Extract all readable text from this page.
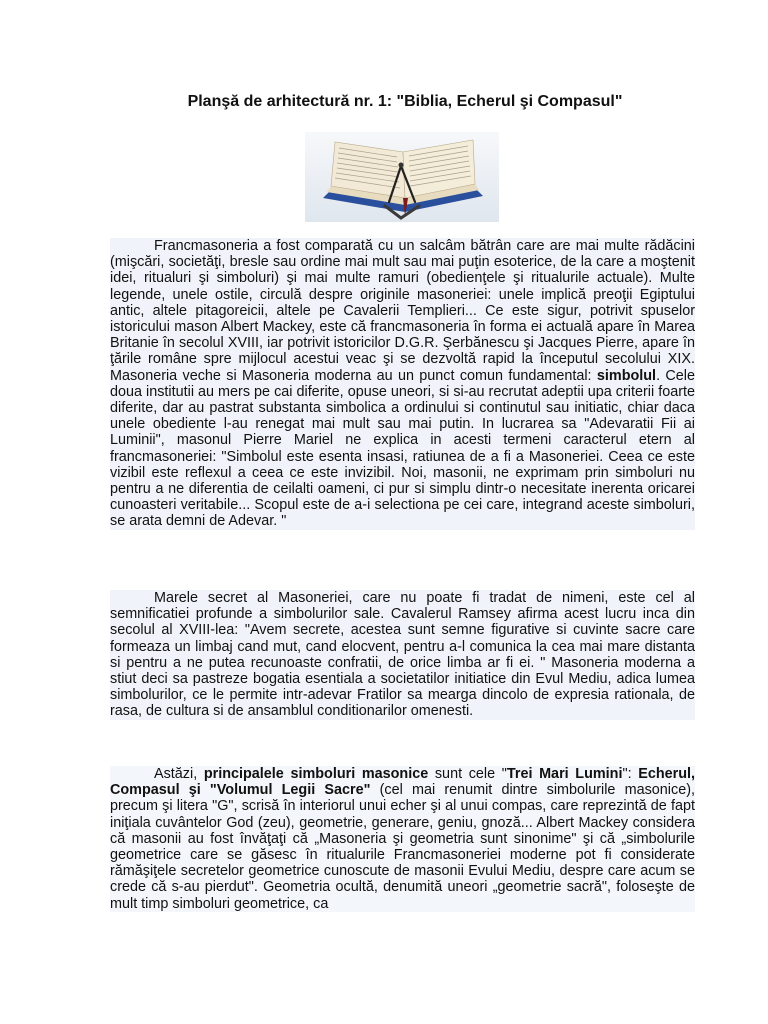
Planşă de arhitectură nr. 1: "Biblia, Echerul şi Compasul"

Francmasoneria a fost comparată cu un salcâm bătrân care are mai multe rădăcini (mişcări, societăţi, bresle sau ordine mai mult sau mai puţin esoterice, de la care a moştenit idei, ritualuri şi simboluri) şi mai multe ramuri (obedienţele şi ritualurile actuale). Multe legende, unele ostile, circulă despre originile masoneriei: unele implică preoţii Egiptului antic, altele pitagoreicii, altele pe Cavalerii Templieri... Ce este sigur, potrivit spuselor istoricului mason Albert Mackey, este că francmasoneria în forma ei actuală apare în Marea Britanie în secolul XVIII, iar potrivit istoricilor D.G.R. Şerbănescu şi Jacques Pierre, apare în ţările române spre mijlocul acestui veac şi se dezvoltă rapid la începutul secolului XIX. Masoneria veche si Masoneria moderna au un punct comun fundamental: simbolul. Cele doua institutii au mers pe cai diferite, opuse uneori, si si-au recrutat adeptii upa criterii foarte diferite, dar au pastrat substanta simbolica a ordinului si continutul sau initiatic, chiar daca unele obediente l-au renegat mai mult sau mai putin. In lucrarea sa "Adevaratii Fii ai Luminii", masonul Pierre Mariel ne explica in acesti termeni caracterul etern al francmasoneriei: "Simbolul este esenta insasi, ratiunea de a fi a Masoneriei. Ceea ce este vizibil este reflexul a ceea ce este invizibil. Noi, masonii, ne exprimam prin simboluri nu pentru a ne diferentia de ceilalti oameni, ci pur si simplu dintr-o necesitate inerenta oricarei cunoasteri veritabile... Scopul este de a-i selectiona pe cei care, integrand aceste simboluri, se arata demni de Adevar. "

Marele secret al Masoneriei, care nu poate fi tradat de nimeni, este cel al semnificatiei profunde a simbolurilor sale. Cavalerul Ramsey afirma acest lucru inca din secolul al XVIII-lea: "Avem secrete, acestea sunt semne figurative si cuvinte sacre care formeaza un limbaj cand mut, cand elocvent, pentru a-l comunica la cea mai mare distanta si pentru a ne putea recunoaste confratii, de orice limba ar fi ei. " Masoneria moderna a stiut deci sa pastreze bogatia esentiala a societatilor initiatice din Evul Mediu, adica lumea simbolurilor, ce le permite intr-adevar Fratilor sa mearga dincolo de expresia rationala, de rasa, de cultura si de ansamblul conditionarilor omenesti.

Astăzi, principalele simboluri masonice sunt cele "Trei Mari Lumini": Echerul, Compasul şi "Volumul Legii Sacre" (cel mai renumit dintre simbolurile masonice), precum şi litera "G", scrisă în interiorul unui echer şi al unui compas, care reprezintă de fapt iniţiala cuvântelor God (zeu), geometrie, generare, geniu, gnoză... Albert Mackey considera că masonii au fost învăţaţi că „Masoneria şi geometria sunt sinonime" şi că „simbolurile geometrice care se găsesc în ritualurile Francmasoneriei moderne pot fi considerate rămăşiţele secretelor geometrice cunoscute de masonii Evului Mediu, despre care acum se crede că s-au pierdut". Geometria ocultă, denumită uneori „geometrie sacră", foloseşte de mult timp simboluri geometrice, ca
